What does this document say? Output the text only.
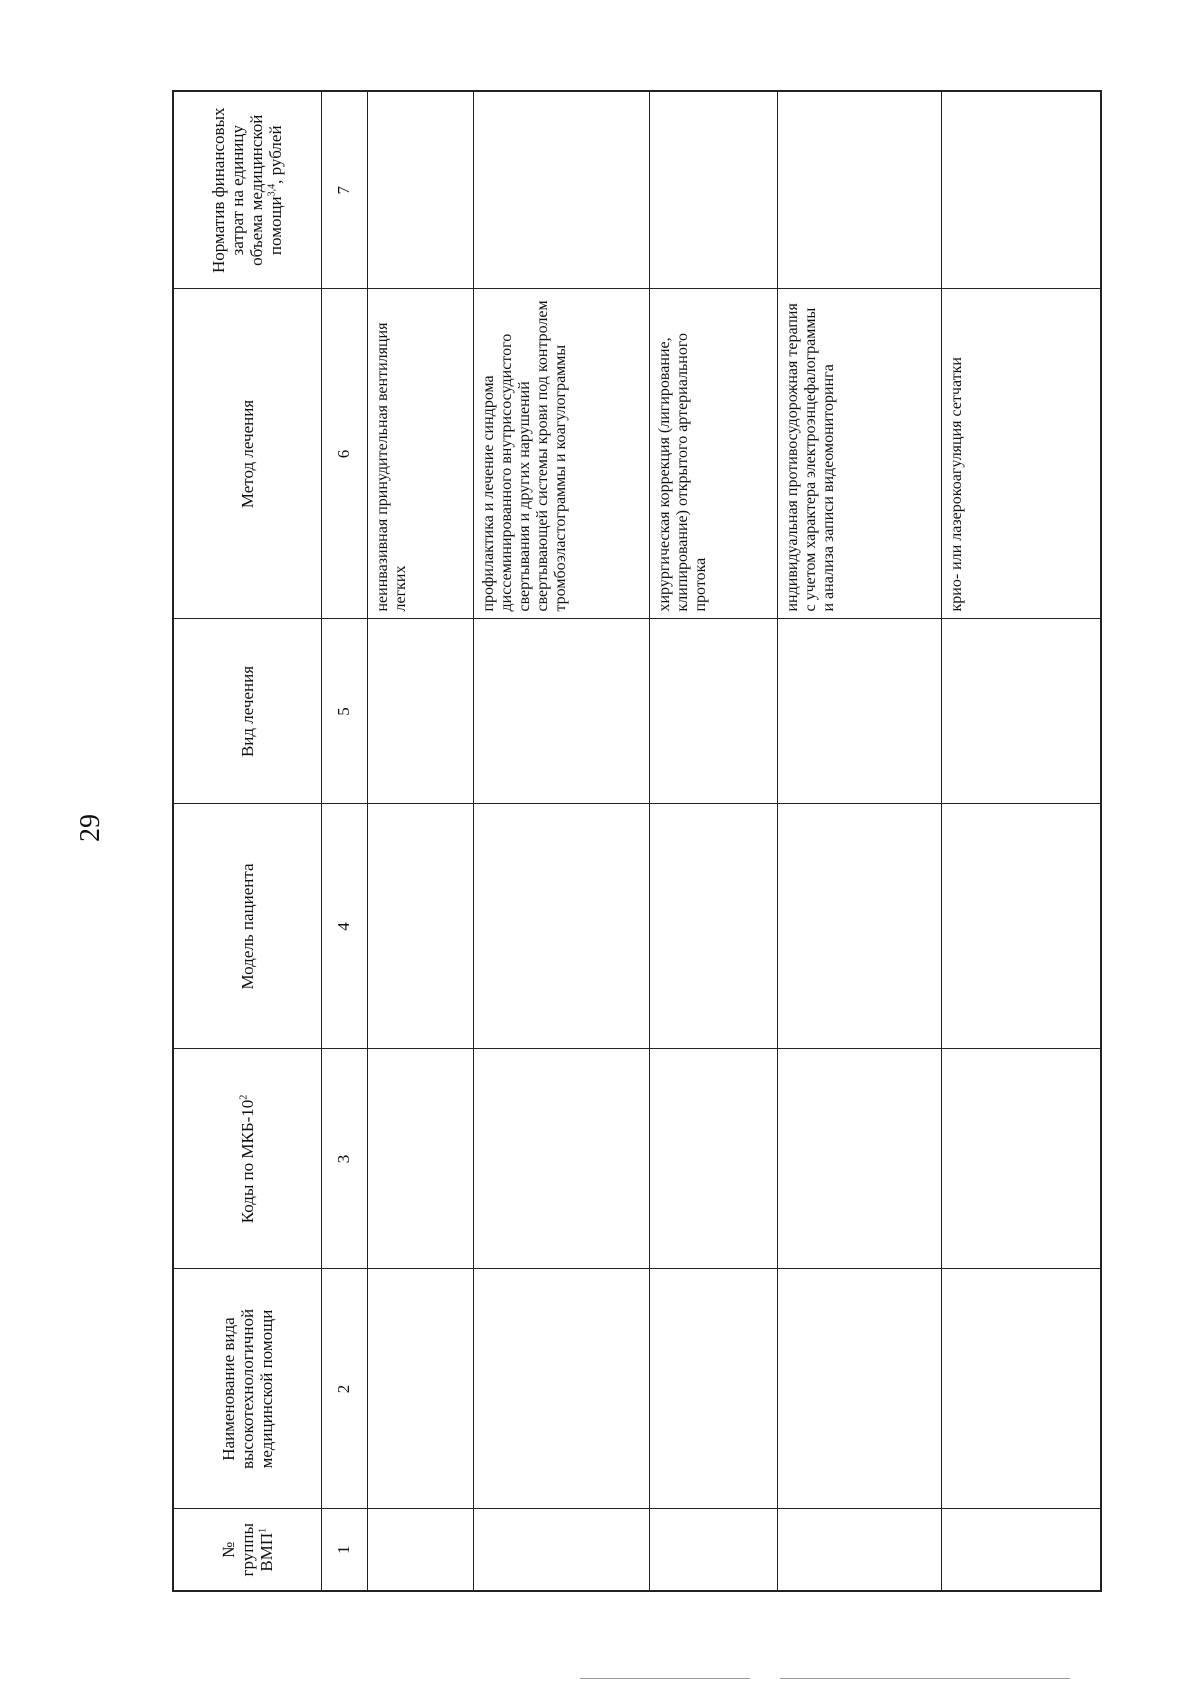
29
№ группы ВМП$^1$	Наименование вида высокотехнологичной медицинской помощи	Коды по МКБ-$10^2$	Модель пациента	Вид лечения	Метод лечения	Норматив финансовых затрат на единицу объема медицинской помощи$^{3,4}$, рублей
1	2	3	4	5	6	7
					неинвазивная принудительная вентиляция легких	
					профилактика и лечение синдрома диссеминированного внутрисосудистого свертывания и других нарушений свертывающей системы крови под контролем тромбоэластограммы и коагулограммы	
					хирургическая коррекция (лигирование, клипирование) открытого артериального протока	
					индивидуальная противосудорожная терапия с учетом характера электроэнцефалограммы и анализа записи видеомониторинга	
					крио- или лазерокоагуляция сетчатки	
